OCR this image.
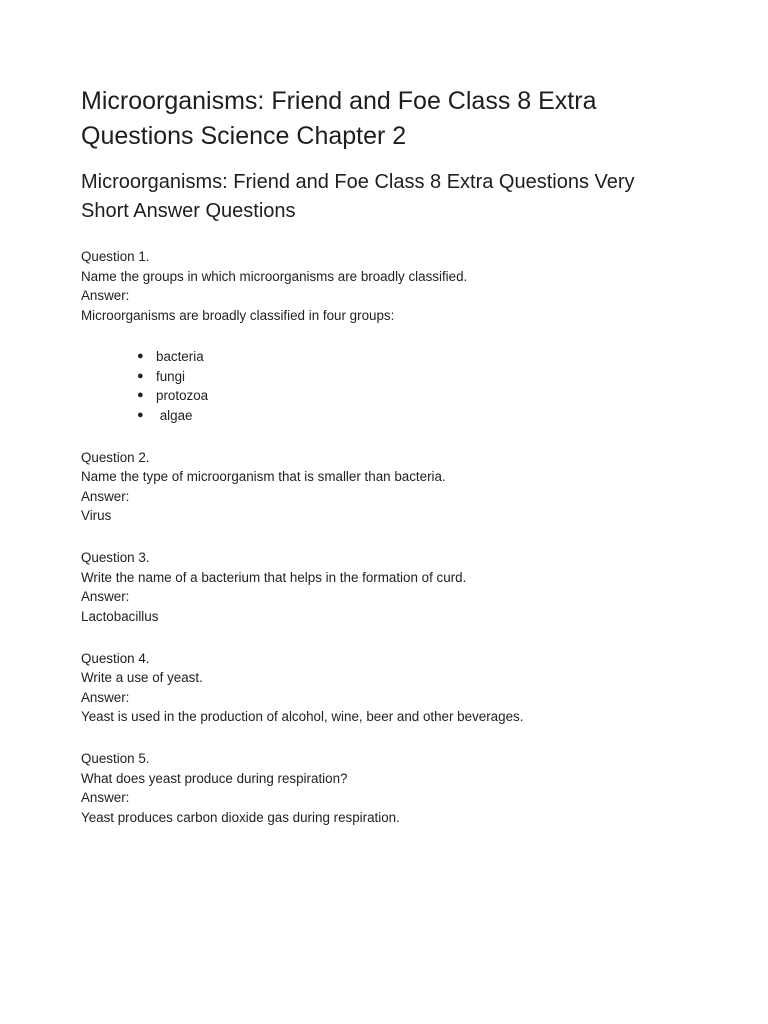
Microorganisms: Friend and Foe Class 8 Extra Questions Science Chapter 2
Microorganisms: Friend and Foe Class 8 Extra Questions Very Short Answer Questions

Question 1.

Name the groups in which microorganisms are broadly classified.

Answer:

Microorganisms are broadly classified in four groups:

● bacteria
● fungi
● protozoa
● algae

Question 2.

Name the type of microorganism that is smaller than bacteria.

Answer:

Virus

Question 3.

Write the name of a bacterium that helps in the formation of curd.

Answer:

Lactobacillus

Question 4.

Write a use of yeast.

Answer:

Yeast is used in the production of alcohol, wine, beer and other beverages.

Question 5.

What does yeast produce during respiration?

Answer:

Yeast produces carbon dioxide gas during respiration.
